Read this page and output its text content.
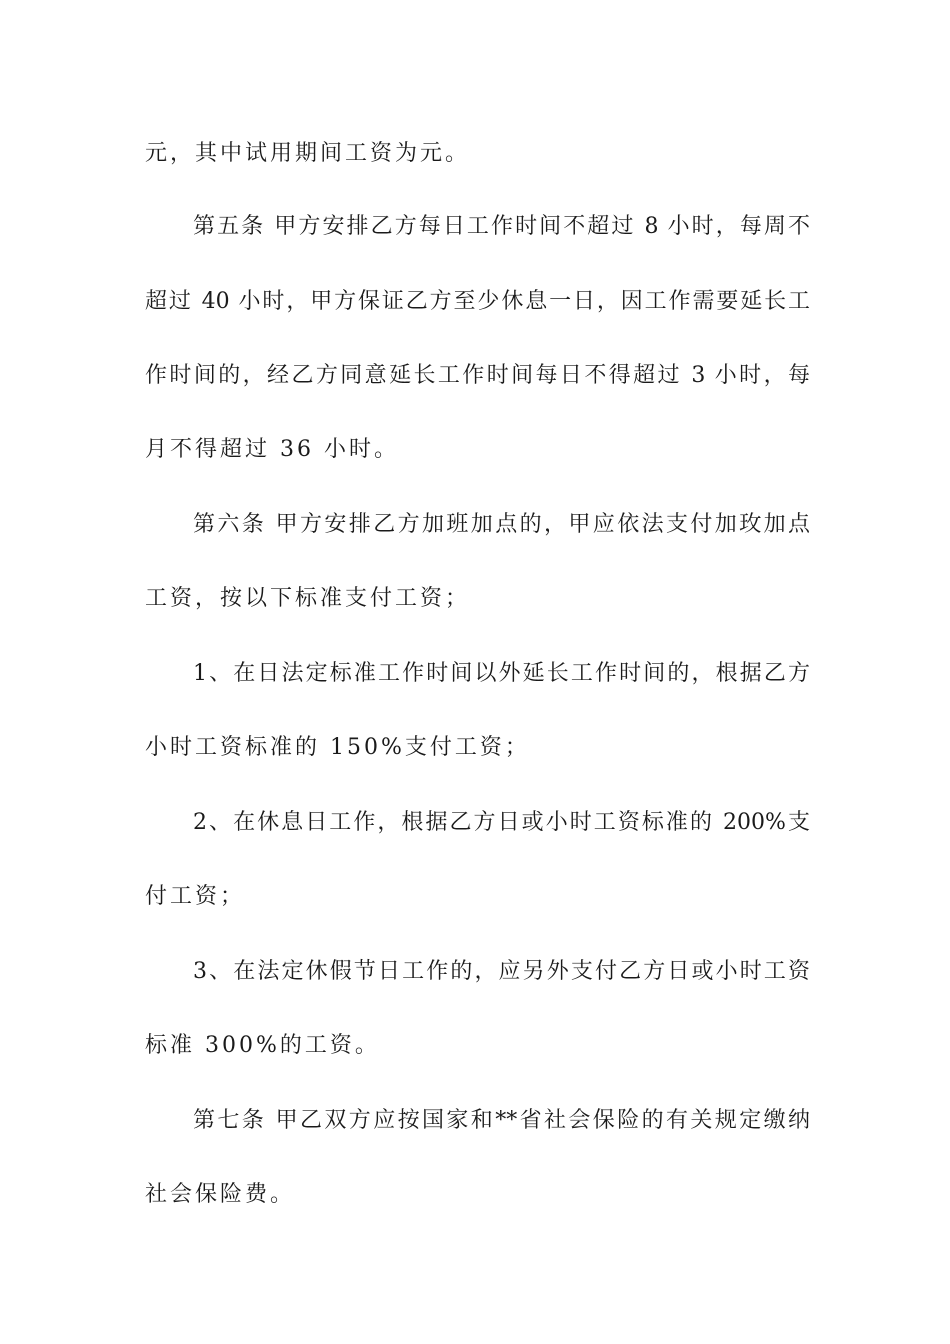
元，其中试用期间工资为元。
第五条 甲方安排乙方每日工作时间不超过 8 小时，每周不
超过 40 小时，甲方保证乙方至少休息一日，因工作需要延长工
作时间的，经乙方同意延长工作时间每日不得超过 3 小时，每
月不得超过 36 小时。
第六条 甲方安排乙方加班加点的，甲应依法支付加玫加点
工资，按以下标准支付工资；
1、在日法定标准工作时间以外延长工作时间的，根据乙方
小时工资标准的 150%支付工资；
2、在休息日工作，根据乙方日或小时工资标准的 200%支
付工资；
3、在法定休假节日工作的，应另外支付乙方日或小时工资
标准 300%的工资。
第七条 甲乙双方应按国家和**省社会保险的有关规定缴纳
社会保险费。
